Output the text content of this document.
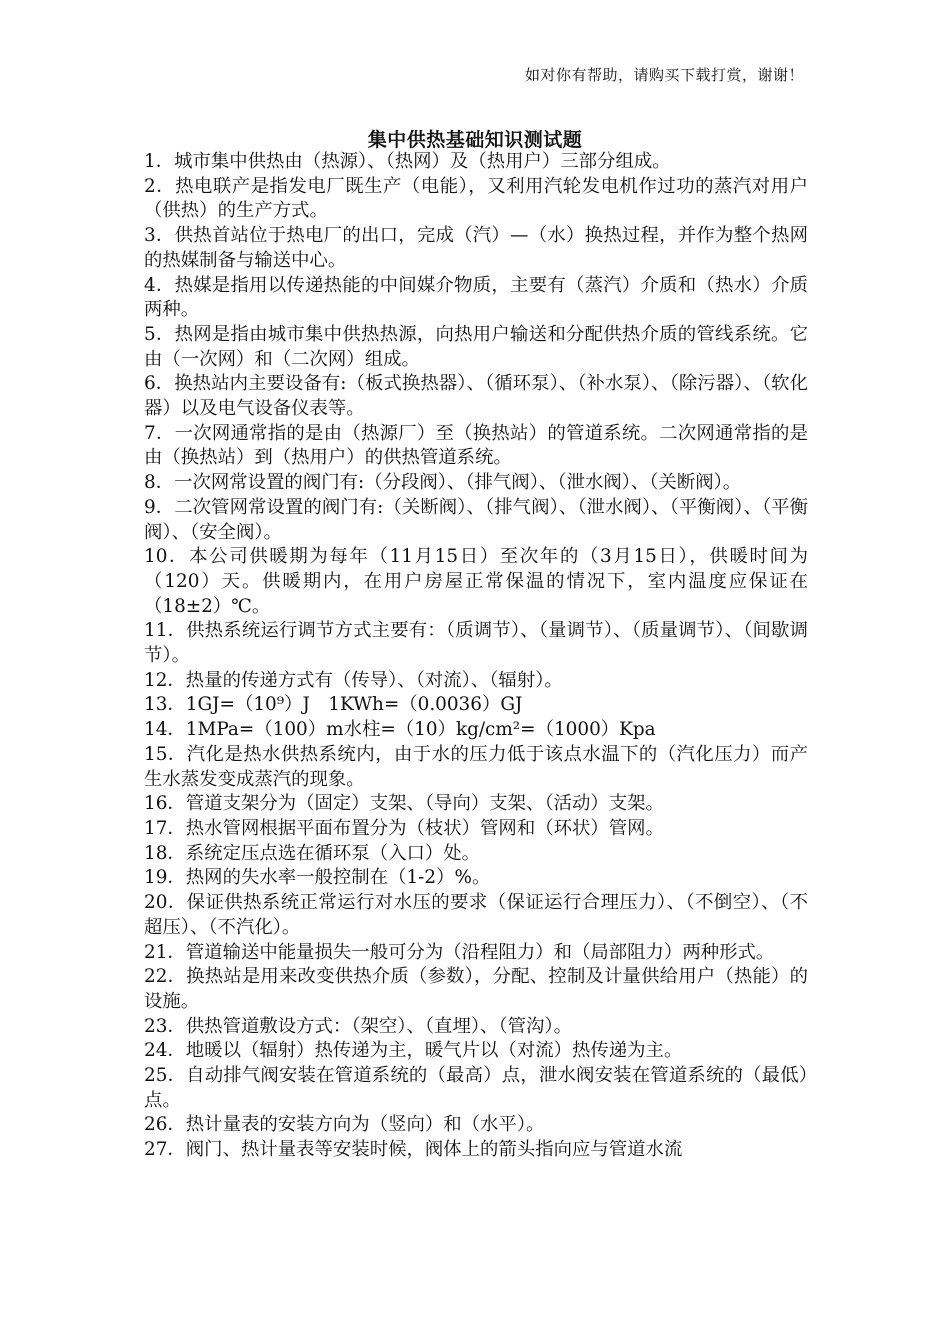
如对你有帮助，请购买下载打赏，谢谢！
集中供热基础知识测试题

1．城市集中供热由（热源）、（热网）及（热用户）三部分组成。

2．热电联产是指发电厂既生产（电能），又利用汽轮发电机作过功的蒸汽对用户（供热）的生产方式。

3．供热首站位于热电厂的出口，完成（汽）—（水）换热过程，并作为整个热网的热媒制备与输送中心。

4．热媒是指用以传递热能的中间媒介物质，主要有（蒸汽）介质和（热水）介质两种。

5．热网是指由城市集中供热热源，向热用户输送和分配供热介质的管线系统。它由（一次网）和（二次网）组成。

6．换热站内主要设备有:（板式换热器）、（循环泵）、（补水泵）、（除污器）、（软化器）以及电气设备仪表等。

7．一次网通常指的是由（热源厂）至（换热站）的管道系统。二次网通常指的是由（换热站）到（热用户）的供热管道系统。

8．一次网常设置的阀门有:（分段阀）、（排气阀）、（泄水阀）、（关断阀）。

9．二次管网常设置的阀门有:（关断阀）、（排气阀）、（泄水阀）、（平衡阀）、（平衡阀）、（安全阀）。

10．本公司供暖期为每年（11月15日）至次年的（3月15日），供暖时间为（120）天。供暖期内，在用户房屋正常保温的情况下，室内温度应保证在（18±2）℃。

11．供热系统运行调节方式主要有：（质调节）、（量调节）、（质量调节）、（间歇调节）。

12．热量的传递方式有（传导）、（对流）、（辐射）。

13．1GJ=（10⁹）J　1KWh=（0.0036）GJ

14．1MPa=（100）m水柱=（10）kg/cm²=（1000）Kpa

15．汽化是热水供热系统内，由于水的压力低于该点水温下的（汽化压力）而产生水蒸发变成蒸汽的现象。

16．管道支架分为（固定）支架、（导向）支架、（活动）支架。

17．热水管网根据平面布置分为（枝状）管网和（环状）管网。

18．系统定压点选在循环泵（入口）处。

19．热网的失水率一般控制在（1-2）%。

20．保证供热系统正常运行对水压的要求（保证运行合理压力）、（不倒空）、（不超压）、（不汽化）。

21．管道输送中能量损失一般可分为（沿程阻力）和（局部阻力）两种形式。

22．换热站是用来改变供热介质（参数），分配、控制及计量供给用户（热能）的设施。

23．供热管道敷设方式：（架空）、（直埋）、（管沟）。

24．地暖以（辐射）热传递为主，暖气片以（对流）热传递为主。

25．自动排气阀安装在管道系统的（最高）点，泄水阀安装在管道系统的（最低）点。

26．热计量表的安装方向为（竖向）和（水平）。

27．阀门、热计量表等安装时候，阀体上的箭头指向应与管道水流
